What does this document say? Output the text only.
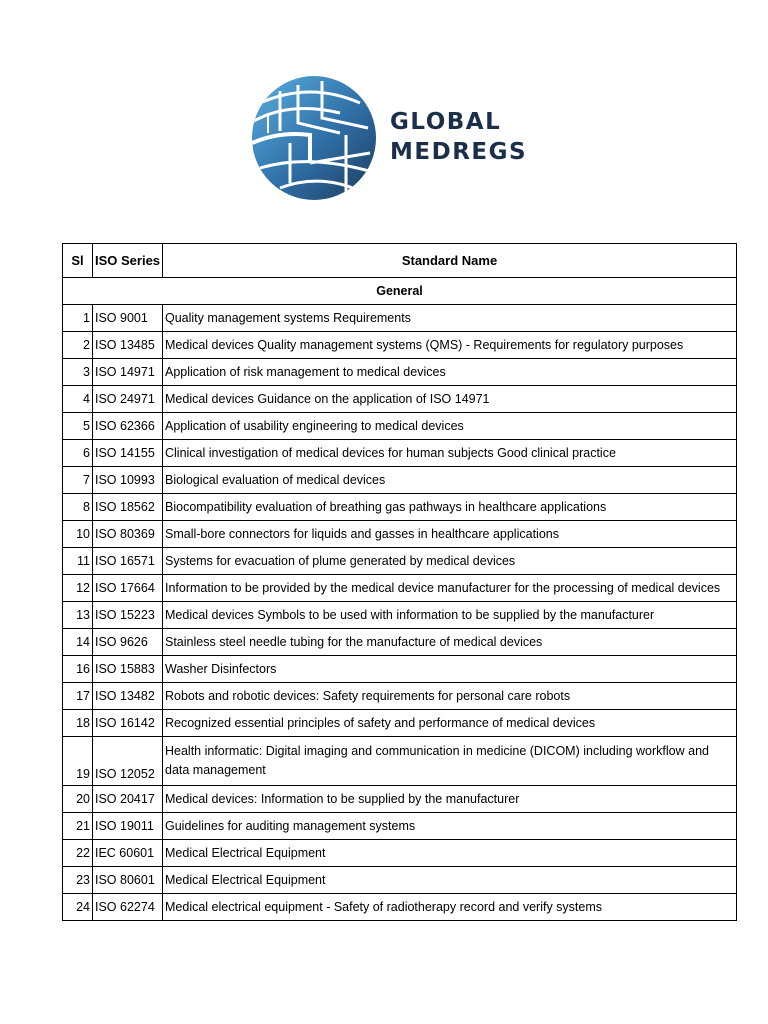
GLOBAL
MEDREGS
Sl	ISO Series	Standard Name
General		
1	ISO 9001	Quality management systems Requirements
2	ISO 13485	Medical devices Quality management systems (QMS) - Requirements for regulatory purposes
3	ISO 14971	Application of risk management to medical devices
4	ISO 24971	Medical devices Guidance on the application of ISO 14971
5	ISO 62366	Application of usability engineering to medical devices
6	ISO 14155	Clinical investigation of medical devices for human subjects Good clinical practice
7	ISO 10993	Biological evaluation of medical devices
8	ISO 18562	Biocompatibility evaluation of breathing gas pathways in healthcare applications
10	ISO 80369	Small-bore connectors for liquids and gasses in healthcare applications
11	ISO 16571	Systems for evacuation of plume generated by medical devices
12	ISO 17664	Information to be provided by the medical device manufacturer for the processing of medical devices
13	ISO 15223	Medical devices Symbols to be used with information to be supplied by the manufacturer
14	ISO 9626	Stainless steel needle tubing for the manufacture of medical devices
16	ISO 15883	Washer Disinfectors
17	ISO 13482	Robots and robotic devices: Safety requirements for personal care robots
18	ISO 16142	Recognized essential principles of safety and performance of medical devices
19	ISO 12052	Health informatic: Digital imaging and communication in medicine (DICOM) including workflow and data management
20	ISO 20417	Medical devices: Information to be supplied by the manufacturer
21	ISO 19011	Guidelines for auditing management systems
22	IEC 60601	Medical Electrical Equipment
23	ISO 80601	Medical Electrical Equipment
24	ISO 62274	Medical electrical equipment - Safety of radiotherapy record and verify systems
